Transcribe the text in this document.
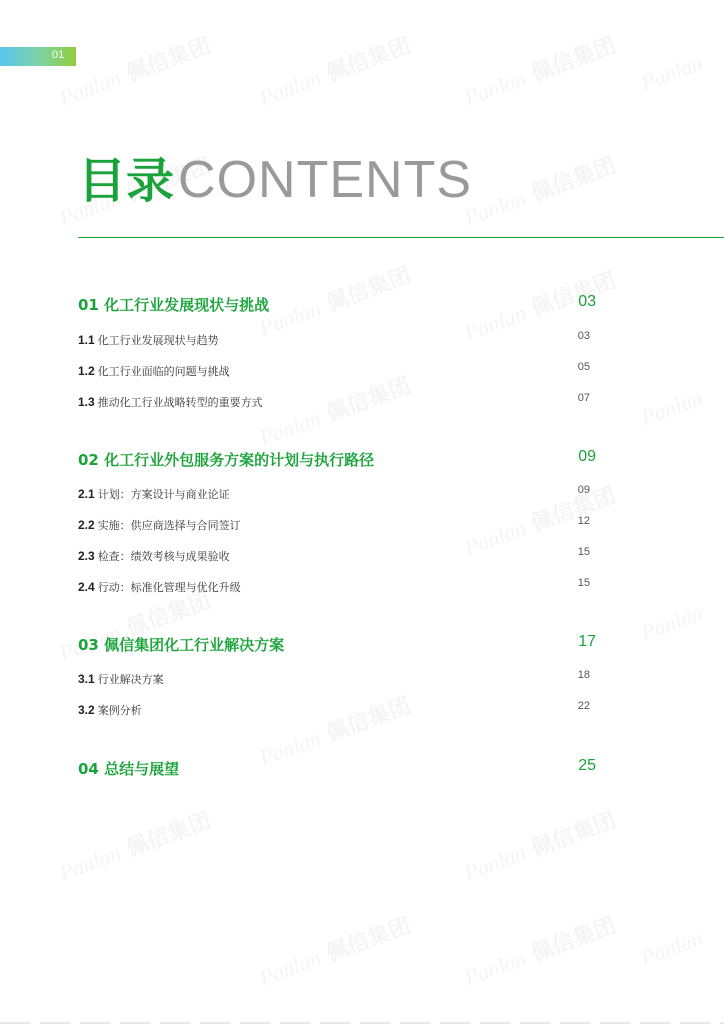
01
目录CONTENTS
01 化工行业发展现状与挑战	03
1.1 化工行业发展现状与趋势	03
1.2 化工行业面临的问题与挑战	05
1.3 推动化工行业战略转型的重要方式	07
02 化工行业外包服务方案的计划与执行路径	09
2.1 计划：方案设计与商业论证	09
2.2 实施：供应商选择与合同签订	12
2.3 检查：绩效考核与成果验收	15
2.4 行动：标准化管理与优化升级	15
03 佩信集团化工行业解决方案	17
3.1 行业解决方案	18
3.2 案例分析	22
04 总结与展望	25
